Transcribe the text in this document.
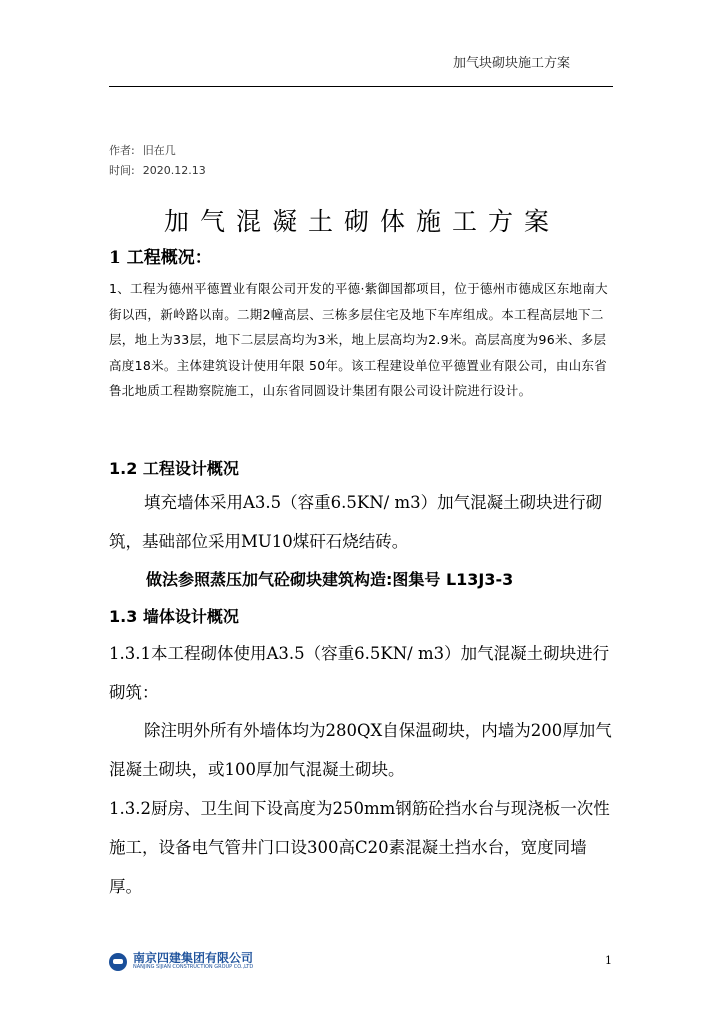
加气块砌块施工方案
作者: 旧在几
时间: 2020.12.13
加气混凝土砌体施工方案
1 工程概况：
1、工程为德州平德置业有限公司开发的平德·紫御国都项目，位于德州市德成区东地南大街以西，新岭路以南。二期2幢高层、三栋多层住宅及地下车库组成。本工程高层地下二层，地上为33层，地下二层层高均为3米，地上层高均为2.9米。高层高度为96米、多层高度18米。主体建筑设计使用年限 50年。该工程建设单位平德置业有限公司，由山东省鲁北地质工程勘察院施工，山东省同圆设计集团有限公司设计院进行设计。
1.2 工程设计概况
填充墙体采用A3.5（容重6.5KN/ m3）加气混凝土砌块进行砌筑，基础部位采用MU10煤矸石烧结砖。
做法参照蒸压加气砼砌块建筑构造:图集号 L13J3-3
1.3 墙体设计概况
1.3.1本工程砌体使用A3.5（容重6.5KN/ m3）加气混凝土砌块进行砌筑：
除注明外所有外墙体均为280QX自保温砌块，内墙为200厚加气混凝土砌块，或100厚加气混凝土砌块。
1.3.2厨房、卫生间下设高度为250mm钢筋砼挡水台与现浇板一次性施工，设备电气管井门口设300高C20素混凝土挡水台，宽度同墙厚。
南京四建集团有限公司
NANJING SIJIAN CONSTRUCTION GROUP CO.,LTD	1
